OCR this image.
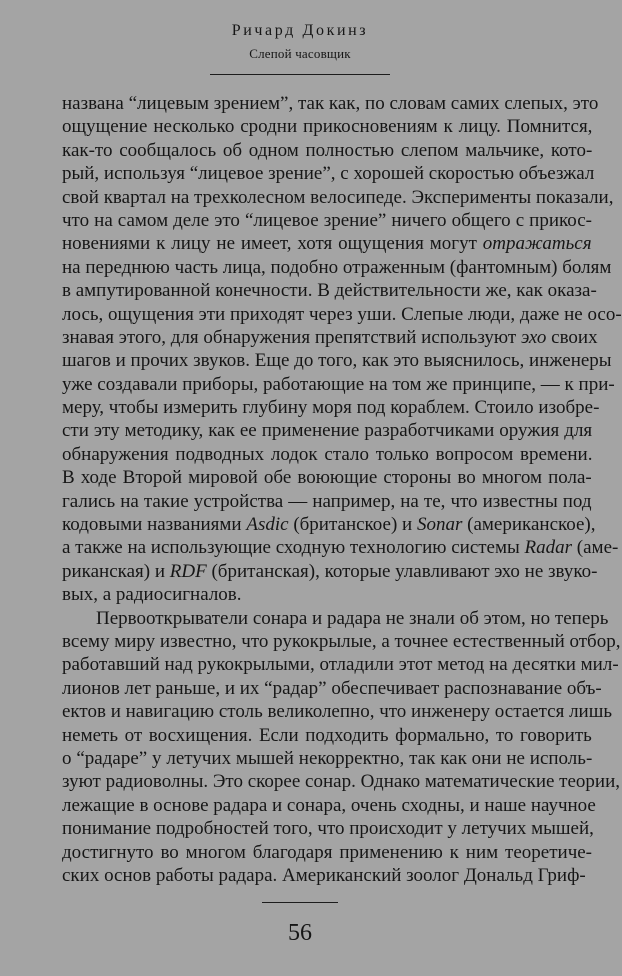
Ричард Докинз
Слепой часовщик
названа “лицевым зрением”, так как, по словам самих слепых, это
ощущение несколько сродни прикосновениям к лицу. Помнится,
как-то сообщалось об одном полностью слепом мальчике, кото-
рый, используя “лицевое зрение”, с хорошей скоростью объезжал
свой квартал на трехколесном велосипеде. Эксперименты показали,
что на самом деле это “лицевое зрение” ничего общего с прикос-
новениями к лицу не имеет, хотя ощущения могут отражаться
на переднюю часть лица, подобно отраженным (фантомным) болям
в ампутированной конечности. В действительности же, как оказа-
лось, ощущения эти приходят через уши. Слепые люди, даже не осо-
знавая этого, для обнаружения препятствий используют эхо своих
шагов и прочих звуков. Еще до того, как это выяснилось, инженеры
уже создавали приборы, работающие на том же принципе, — к при-
меру, чтобы измерить глубину моря под кораблем. Стоило изобре-
сти эту методику, как ее применение разработчиками оружия для
обнаружения подводных лодок стало только вопросом времени.
В ходе Второй мировой обе воюющие стороны во многом пола-
гались на такие устройства — например, на те, что известны под
кодовыми названиями Asdic (британское) и Sonar (американское),
а также на использующие сходную технологию системы Radar (аме-
риканская) и RDF (британская), которые улавливают эхо не звуко-
вых, а радиосигналов.
Первооткрыватели сонара и радара не знали об этом, но теперь
всему миру известно, что рукокрылые, а точнее естественный отбор,
работавший над рукокрылыми, отладили этот метод на десятки мил-
лионов лет раньше, и их “радар” обеспечивает распознавание объ-
ектов и навигацию столь великолепно, что инженеру остается лишь
неметь от восхищения. Если подходить формально, то говорить
о “радаре” у летучих мышей некорректно, так как они не исполь-
зуют радиоволны. Это скорее сонар. Однако математические теории,
лежащие в основе радара и сонара, очень сходны, и наше научное
понимание подробностей того, что происходит у летучих мышей,
достигнуто во многом благодаря применению к ним теоретиче-
ских основ работы радара. Американский зоолог Дональд Гриф-
56
